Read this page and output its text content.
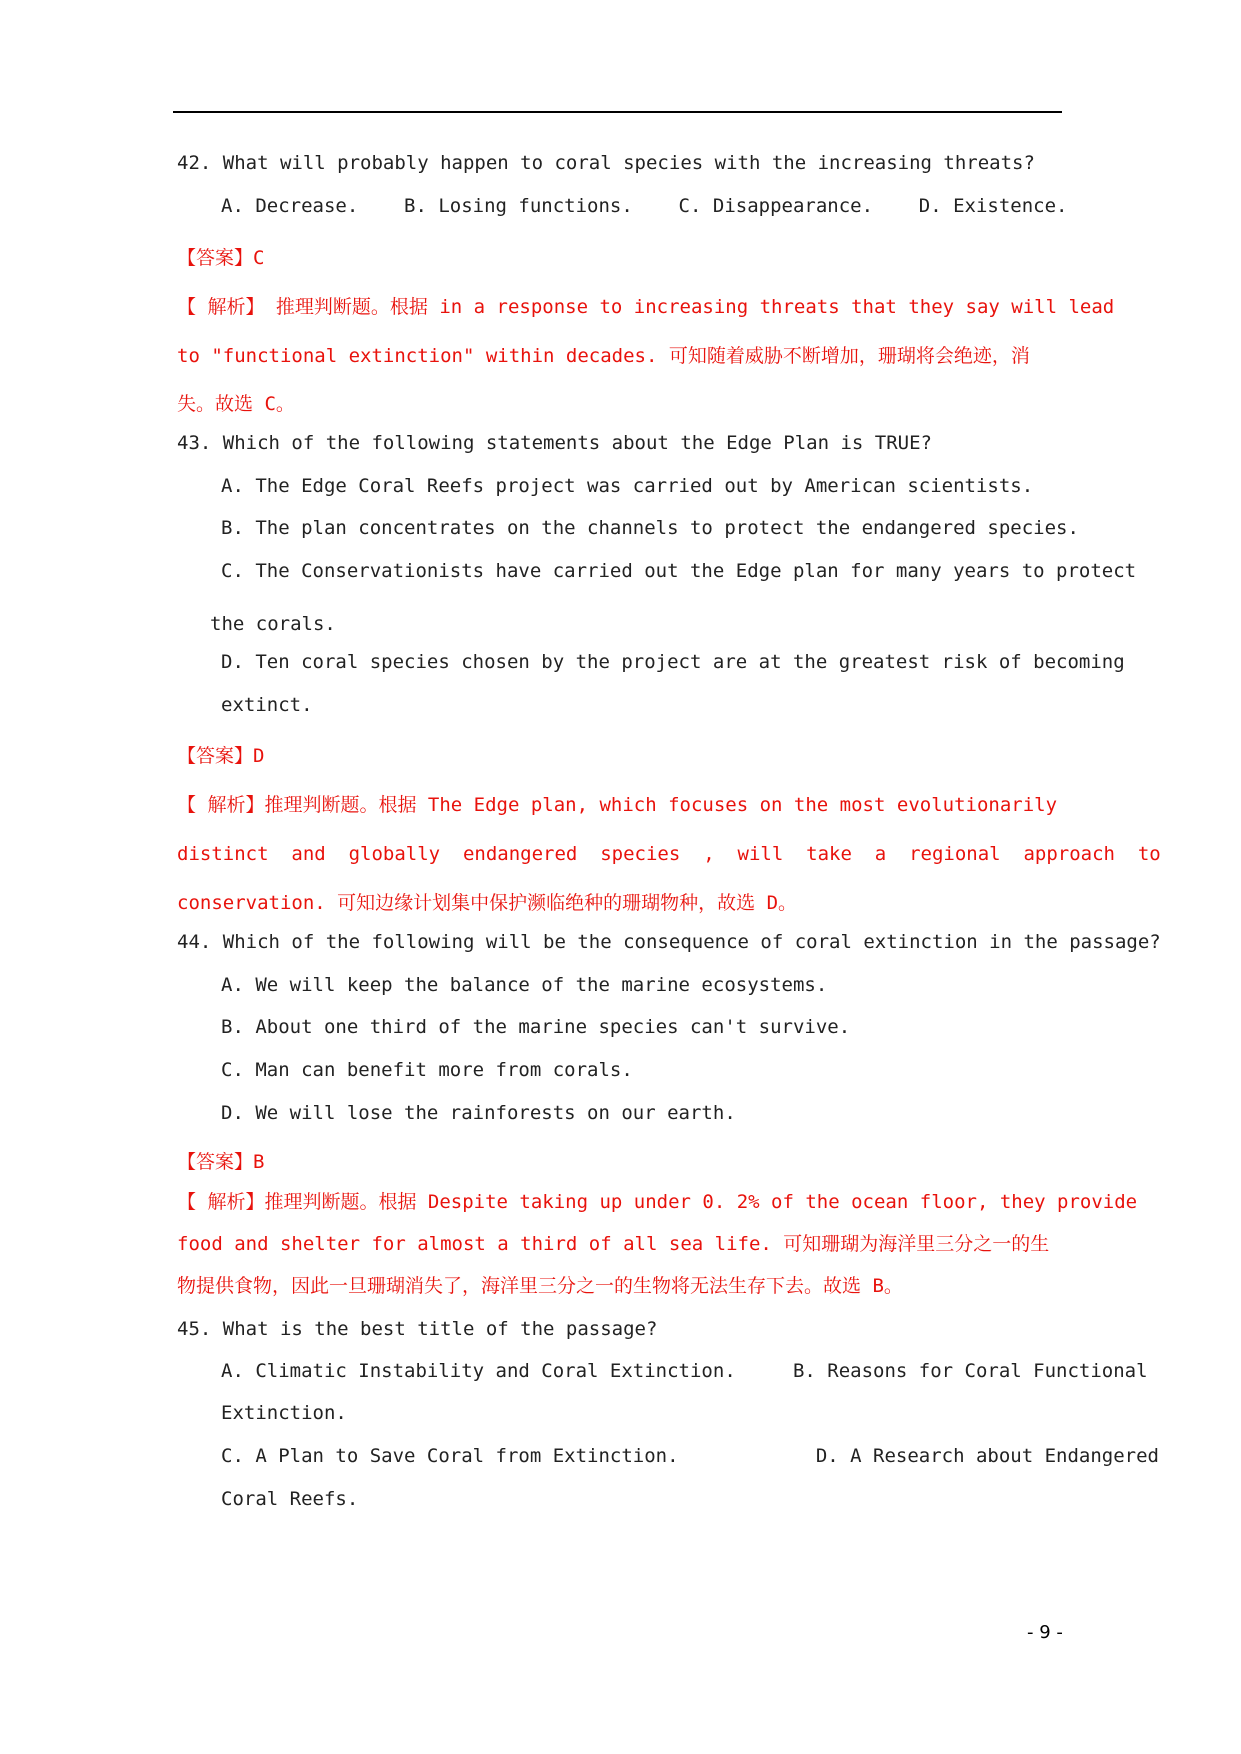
42. What will probably happen to coral species with the increasing threats?
A. Decrease.    B. Losing functions.    C. Disappearance.    D. Existence.
【答案】C
【 解析】 推理判断题。根据 in a response to increasing threats that they say will lead
to "functional extinction" within decades. 可知随着威胁不断增加，珊瑚将会绝迹，消
失。故选 C。
43. Which of the following statements about the Edge Plan is TRUE?
A. The Edge Coral Reefs project was carried out by American scientists.
B. The plan concentrates on the channels to protect the endangered species.
C. The Conservationists have carried out the Edge plan for many years to protect
the corals.
D. Ten coral species chosen by the project are at the greatest risk of becoming
extinct.
【答案】D
【 解析】推理判断题。根据 The Edge plan, which focuses on the most evolutionarily
distinct  and  globally  endangered  species  ,  will  take  a  regional  approach  to
conservation. 可知边缘计划集中保护濒临绝种的珊瑚物种，故选 D。
44. Which of the following will be the consequence of coral extinction in the passage?
A. We will keep the balance of the marine ecosystems.
B. About one third of the marine species can't survive.
C. Man can benefit more from corals.
D. We will lose the rainforests on our earth.
【答案】B
【 解析】推理判断题。根据 Despite taking up under 0. 2% of the ocean floor, they provide
food and shelter for almost a third of all sea life. 可知珊瑚为海洋里三分之一的生
物提供食物，因此一旦珊瑚消失了，海洋里三分之一的生物将无法生存下去。故选 B。
45. What is the best title of the passage?
A. Climatic Instability and Coral Extinction.     B. Reasons for Coral Functional
Extinction.
C. A Plan to Save Coral from Extinction.            D. A Research about Endangered
Coral Reefs.
- 9 -
